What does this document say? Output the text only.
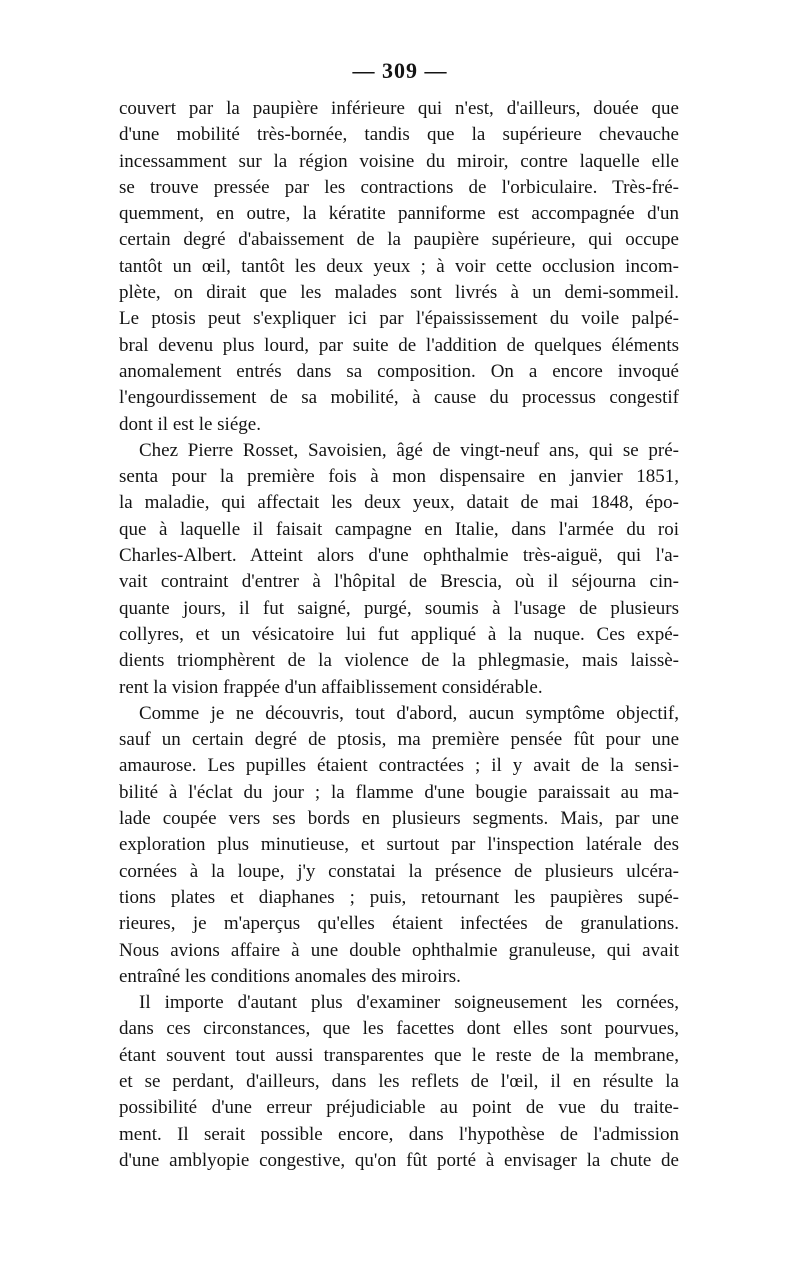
— 309 —
couvert par la paupière inférieure qui n'est, d'ailleurs, douée que
d'une mobilité très-bornée, tandis que la supérieure chevauche
incessamment sur la région voisine du miroir, contre laquelle elle
se trouve pressée par les contractions de l'orbiculaire. Très-fré-
quemment, en outre, la kératite panniforme est accompagnée d'un
certain degré d'abaissement de la paupière supérieure, qui occupe
tantôt un œil, tantôt les deux yeux ; à voir cette occlusion incom-
plète, on dirait que les malades sont livrés à un demi-sommeil.
Le ptosis peut s'expliquer ici par l'épaississement du voile palpé-
bral devenu plus lourd, par suite de l'addition de quelques éléments
anomalement entrés dans sa composition. On a encore invoqué
l'engourdissement de sa mobilité, à cause du processus congestif
dont il est le siége.
Chez Pierre Rosset, Savoisien, âgé de vingt-neuf ans, qui se pré-
senta pour la première fois à mon dispensaire en janvier 1851,
la maladie, qui affectait les deux yeux, datait de mai 1848, épo-
que à laquelle il faisait campagne en Italie, dans l'armée du roi
Charles-Albert. Atteint alors d'une ophthalmie très-aiguë, qui l'a-
vait contraint d'entrer à l'hôpital de Brescia, où il séjourna cin-
quante jours, il fut saigné, purgé, soumis à l'usage de plusieurs
collyres, et un vésicatoire lui fut appliqué à la nuque. Ces expé-
dients triomphèrent de la violence de la phlegmasie, mais laissè-
rent la vision frappée d'un affaiblissement considérable.
Comme je ne découvris, tout d'abord, aucun symptôme objectif,
sauf un certain degré de ptosis, ma première pensée fût pour une
amaurose. Les pupilles étaient contractées ; il y avait de la sensi-
bilité à l'éclat du jour ; la flamme d'une bougie paraissait au ma-
lade coupée vers ses bords en plusieurs segments. Mais, par une
exploration plus minutieuse, et surtout par l'inspection latérale des
cornées à la loupe, j'y constatai la présence de plusieurs ulcéra-
tions plates et diaphanes ; puis, retournant les paupières supé-
rieures, je m'aperçus qu'elles étaient infectées de granulations.
Nous avions affaire à une double ophthalmie granuleuse, qui avait
entraîné les conditions anomales des miroirs.
Il importe d'autant plus d'examiner soigneusement les cornées,
dans ces circonstances, que les facettes dont elles sont pourvues,
étant souvent tout aussi transparentes que le reste de la membrane,
et se perdant, d'ailleurs, dans les reflets de l'œil, il en résulte la
possibilité d'une erreur préjudiciable au point de vue du traite-
ment. Il serait possible encore, dans l'hypothèse de l'admission
d'une amblyopie congestive, qu'on fût porté à envisager la chute de
